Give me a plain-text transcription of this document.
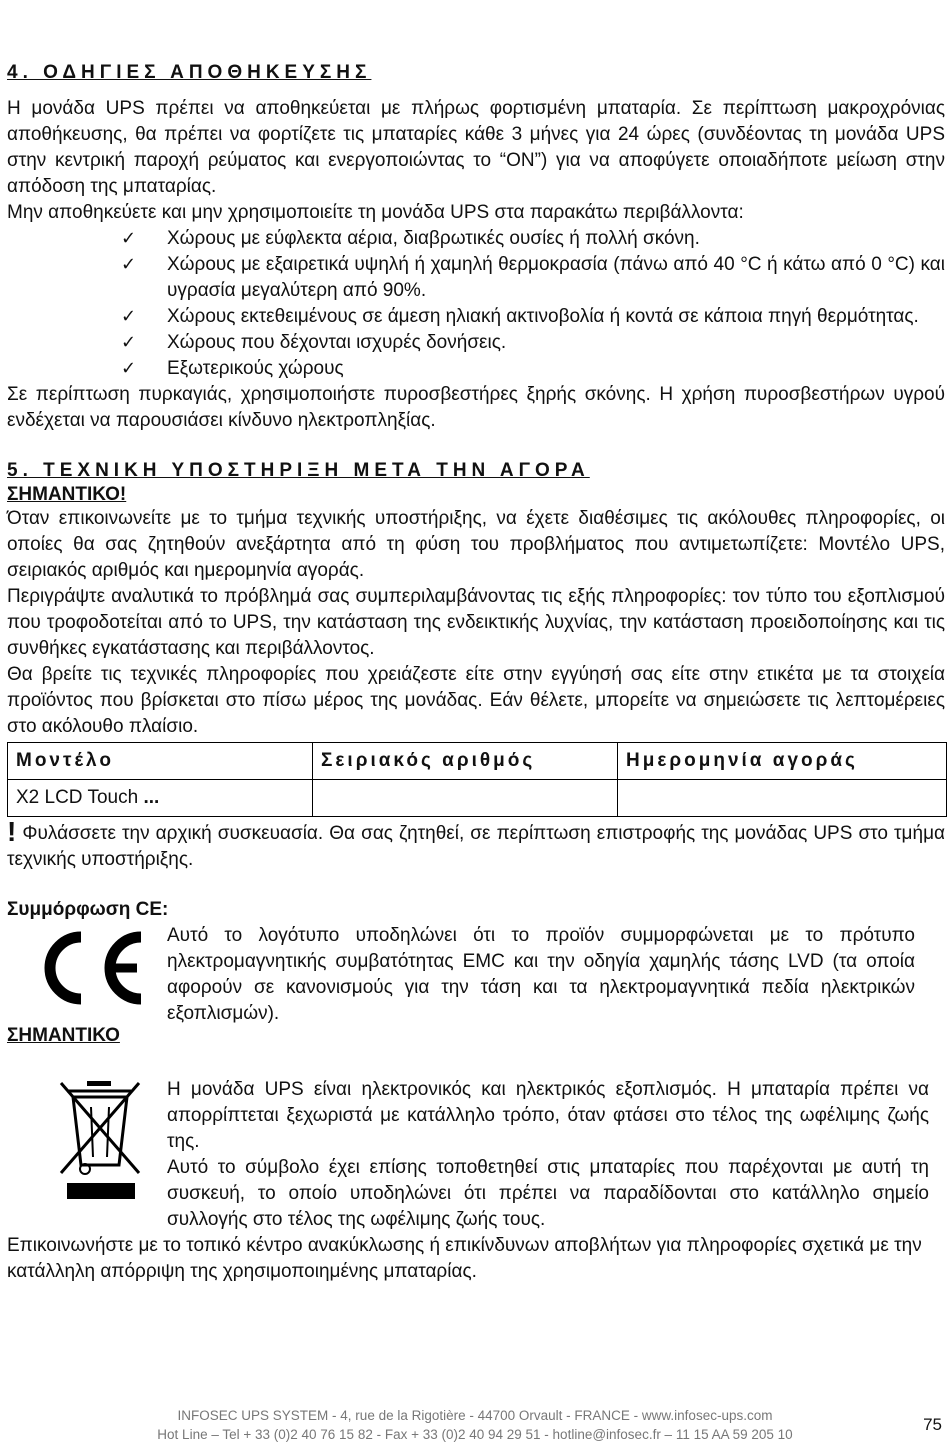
4. ΟΔΗΓΙΕΣ ΑΠΟΘΗΚΕΥΣΗΣ

Η μονάδα UPS πρέπει να αποθηκεύεται με πλήρως φορτισμένη μπαταρία. Σε περίπτωση μακροχρόνιας αποθήκευσης, θα πρέπει να φορτίζετε τις μπαταρίες κάθε 3 μήνες για 24 ώρες (συνδέοντας τη μονάδα UPS στην κεντρική παροχή ρεύματος και ενεργοποιώντας το “ON”) για να αποφύγετε οποιαδήποτε μείωση στην απόδοση της μπαταρίας.

Μην αποθηκεύετε και μην χρησιμοποιείτε τη μονάδα UPS στα παρακάτω περιβάλλοντα:

✓ Χώρους με εύφλεκτα αέρια, διαβρωτικές ουσίες ή πολλή σκόνη.
✓ Χώρους με εξαιρετικά υψηλή ή χαμηλή θερμοκρασία (πάνω από 40 °C ή κάτω από 0 °C) και υγρασία μεγαλύτερη από 90%.
✓ Χώρους εκτεθειμένους σε άμεση ηλιακή ακτινοβολία ή κοντά σε κάποια πηγή θερμότητας.
✓ Χώρους που δέχονται ισχυρές δονήσεις.
✓ Εξωτερικούς χώρους

Σε περίπτωση πυρκαγιάς, χρησιμοποιήστε πυροσβεστήρες ξηρής σκόνης. Η χρήση πυροσβεστήρων υγρού ενδέχεται να παρουσιάσει κίνδυνο ηλεκτροπληξίας.

5. ΤΕΧΝΙΚΗ ΥΠΟΣΤΗΡΙΞΗ ΜΕΤΑ ΤΗΝ ΑΓΟΡΑ
ΣΗΜΑΝΤΙΚΟ!

Όταν επικοινωνείτε με το τμήμα τεχνικής υποστήριξης, να έχετε διαθέσιμες τις ακόλουθες πληροφορίες, οι οποίες θα σας ζητηθούν ανεξάρτητα από τη φύση του προβλήματος που αντιμετωπίζετε: Μοντέλο UPS, σειριακός αριθμός και ημερομηνία αγοράς.

Περιγράψτε αναλυτικά το πρόβλημά σας συμπεριλαμβάνοντας τις εξής πληροφορίες: τον τύπο του εξοπλισμού που τροφοδοτείται από το UPS, την κατάσταση της ενδεικτικής λυχνίας, την κατάσταση προειδοποίησης και τις συνθήκες εγκατάστασης και περιβάλλοντος.

Θα βρείτε τις τεχνικές πληροφορίες που χρειάζεστε είτε στην εγγύησή σας είτε στην ετικέτα με τα στοιχεία προϊόντος που βρίσκεται στο πίσω μέρος της μονάδας. Εάν θέλετε, μπορείτε να σημειώσετε τις λεπτομέρειες στο ακόλουθο πλαίσιο.

Μοντέλο	Σειριακός αριθμός	Ημερομηνία αγοράς
X2 LCD Touch ...		

! Φυλάσσετε την αρχική συσκευασία. Θα σας ζητηθεί, σε περίπτωση επιστροφής της μονάδας UPS στο τμήμα τεχνικής υποστήριξης.

Συμμόρφωση CE:

Αυτό το λογότυπο υποδηλώνει ότι το προϊόν συμμορφώνεται με το πρότυπο ηλεκτρομαγνητικής συμβατότητας EMC και την οδηγία χαμηλής τάσης LVD (τα οποία αφορούν σε κανονισμούς για την τάση και τα ηλεκτρομαγνητικά πεδία ηλεκτρικών εξοπλισμών).

ΣΗΜΑΝΤΙΚΟ

Η μονάδα UPS είναι ηλεκτρονικός και ηλεκτρικός εξοπλισμός. Η μπαταρία πρέπει να απορρίπτεται ξεχωριστά με κατάλληλο τρόπο, όταν φτάσει στο τέλος της ωφέλιμης ζωής της.

Αυτό το σύμβολο έχει επίσης τοποθετηθεί στις μπαταρίες που παρέχονται με αυτή τη συσκευή, το οποίο υποδηλώνει ότι πρέπει να παραδίδονται στο κατάλληλο σημείο συλλογής στο τέλος της ωφέλιμης ζωής τους.

Επικοινωνήστε με το τοπικό κέντρο ανακύκλωσης ή επικίνδυνων αποβλήτων για πληροφορίες σχετικά με την κατάλληλη απόρριψη της χρησιμοποιημένης μπαταρίας.

INFOSEC UPS SYSTEM - 4, rue de la Rigotière - 44700 Orvault - FRANCE - www.infosec-ups.com
Hot Line – Tel + 33 (0)2 40 76 15 82 - Fax + 33 (0)2 40 94 29 51 - hotline@infosec.fr – 11 15 AA 59 205 10
75
